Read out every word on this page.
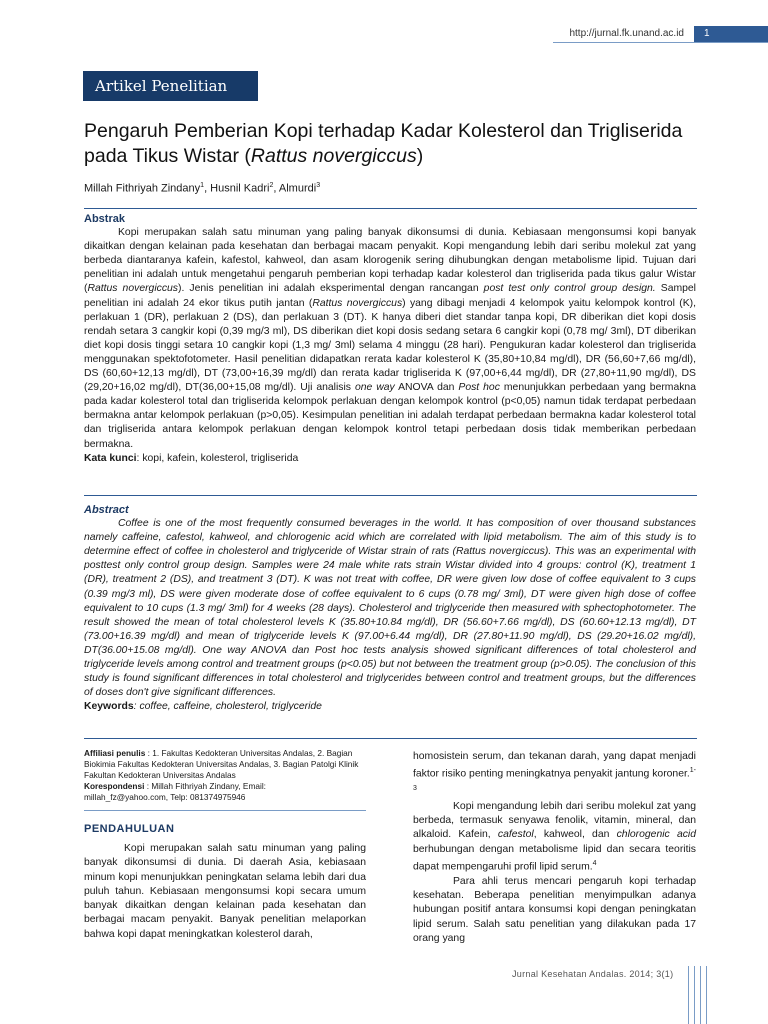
http://jurnal.fk.unand.ac.id	1
Artikel Penelitian
Pengaruh Pemberian Kopi terhadap Kadar Kolesterol dan Trigliserida pada Tikus Wistar (Rattus novergiccus)
Millah Fithriyah Zindany$^1$, Husnil Kadri$^2$, Almurdi$^3$
Abstrak

Kopi merupakan salah satu minuman yang paling banyak dikonsumsi di dunia. Kebiasaan mengonsumsi kopi banyak dikaitkan dengan kelainan pada kesehatan dan berbagai macam penyakit. Kopi mengandung lebih dari seribu molekul zat yang berbeda diantaranya kafein, kafestol, kahweol, dan asam klorogenik sering dihubungkan dengan metabolisme lipid. Tujuan dari penelitian ini adalah untuk mengetahui pengaruh pemberian kopi terhadap kadar kolesterol dan trigliserida pada tikus galur Wistar (Rattus novergiccus). Jenis penelitian ini adalah eksperimental dengan rancangan post test only control group design. Sampel penelitian ini adalah 24 ekor tikus putih jantan (Rattus novergiccus) yang dibagi menjadi 4 kelompok yaitu kelompok kontrol (K), perlakuan 1 (DR), perlakuan 2 (DS), dan perlakuan 3 (DT). K hanya diberi diet standar tanpa kopi, DR diberikan diet kopi dosis rendah setara 3 cangkir kopi (0,39 mg/3 ml), DS diberikan diet kopi dosis sedang setara 6 cangkir kopi (0,78 mg/ 3ml), DT diberikan diet kopi dosis tinggi setara 10 cangkir kopi (1,3 mg/ 3ml) selama 4 minggu (28 hari). Pengukuran kadar kolesterol dan trigliserida menggunakan spektofotometer. Hasil penelitian didapatkan rerata kadar kolesterol K (35,80+10,84 mg/dl), DR (56,60+7,66 mg/dl), DS (60,60+12,13 mg/dl), DT (73,00+16,39 mg/dl) dan rerata kadar trigliserida K (97,00+6,44 mg/dl), DR (27,80+11,90 mg/dl), DS (29,20+16,02 mg/dl), DT(36,00+15,08 mg/dl). Uji analisis one way ANOVA dan Post hoc menunjukkan perbedaan yang bermakna pada kadar kolesterol total dan trigliserida kelompok perlakuan dengan kelompok kontrol (p<0,05) namun tidak terdapat perbedaan bermakna antar kelompok perlakuan (p>0,05). Kesimpulan penelitian ini adalah terdapat perbedaan bermakna kadar kolesterol total dan trigliserida antara kelompok perlakuan dengan kelompok kontrol tetapi perbedaan dosis tidak memberikan perbedaan bermakna.

Kata kunci: kopi, kafein, kolesterol, trigliserida
Abstract

Coffee is one of the most frequently consumed beverages in the world. It has composition of over thousand substances namely caffeine, cafestol, kahweol, and chlorogenic acid which are correlated with lipid metabolism. The aim of this study is to determine effect of coffee in cholesterol and triglyceride of Wistar strain of rats (Rattus novergiccus). This was an experimental with posttest only control group design. Samples were 24 male white rats strain Wistar divided into 4 groups: control (K), treatment 1 (DR), treatment 2 (DS), and treatment 3 (DT). K was not treat with coffee, DR were given low dose of coffee equivalent to 3 cups (0.39 mg/3 ml), DS were given moderate dose of coffee equivalent to 6 cups (0.78 mg/ 3ml), DT were given high dose of coffee equivalent to 10 cups (1.3 mg/ 3ml) for 4 weeks (28 days). Cholesterol and triglyceride then measured with sphectophotometer. The result showed the mean of total cholesterol levels K (35.80+10.84 mg/dl), DR (56.60+7.66 mg/dl), DS (60.60+12.13 mg/dl), DT (73.00+16.39 mg/dl) and mean of triglyceride levels K (97.00+6.44 mg/dl), DR (27.80+11.90 mg/dl), DS (29.20+16.02 mg/dl), DT(36.00+15.08 mg/dl). One way ANOVA dan Post hoc tests analysis showed significant differences of total cholesterol and triglyceride levels among control and treatment groups (p<0.05) but not between the treatment group (p>0.05). The conclusion of this study is found significant differences in total cholesterol and triglycerides between control and treatment groups, but the differences of doses don't give significant differences.

Keywords: coffee, caffeine, cholesterol, triglyceride
Affiliasi penulis : 1. Fakultas Kedokteran Universitas Andalas, 2. Bagian Biokimia Fakultas Kedokteran Universitas Andalas, 3. Bagian Patolgi Klinik Fakultan Kedokteran Universitas Andalas
Korespondensi : Millah Fithriyah Zindany, Email:
millah_fz@yahoo.com, Telp: 081374975946
PENDAHULUAN

Kopi merupakan salah satu minuman yang paling banyak dikonsumsi di dunia. Di daerah Asia, kebiasaan minum kopi menunjukkan peningkatan selama lebih dari dua puluh tahun. Kebiasaan mengonsumsi kopi secara umum banyak dikaitkan dengan kelainan pada kesehatan dan berbagai macam penyakit. Banyak penelitian melaporkan bahwa kopi dapat meningkatkan kolesterol darah,

homosistein serum, dan tekanan darah, yang dapat menjadi faktor risiko penting meningkatnya penyakit jantung koroner.$^{1-3}$

Kopi mengandung lebih dari seribu molekul zat yang berbeda, termasuk senyawa fenolik, vitamin, mineral, dan alkaloid. Kafein, cafestol, kahweol, dan chlorogenic acid berhubungan dengan metabolisme lipid dan secara teoritis dapat mempengaruhi profil lipid serum.$^4$

Para ahli terus mencari pengaruh kopi terhadap kesehatan. Beberapa penelitian menyimpulkan adanya hubungan positif antara konsumsi kopi dengan peningkatan lipid serum. Salah satu penelitian yang dilakukan pada 17 orang yang

Jurnal Kesehatan Andalas. 2014; 3(1)
